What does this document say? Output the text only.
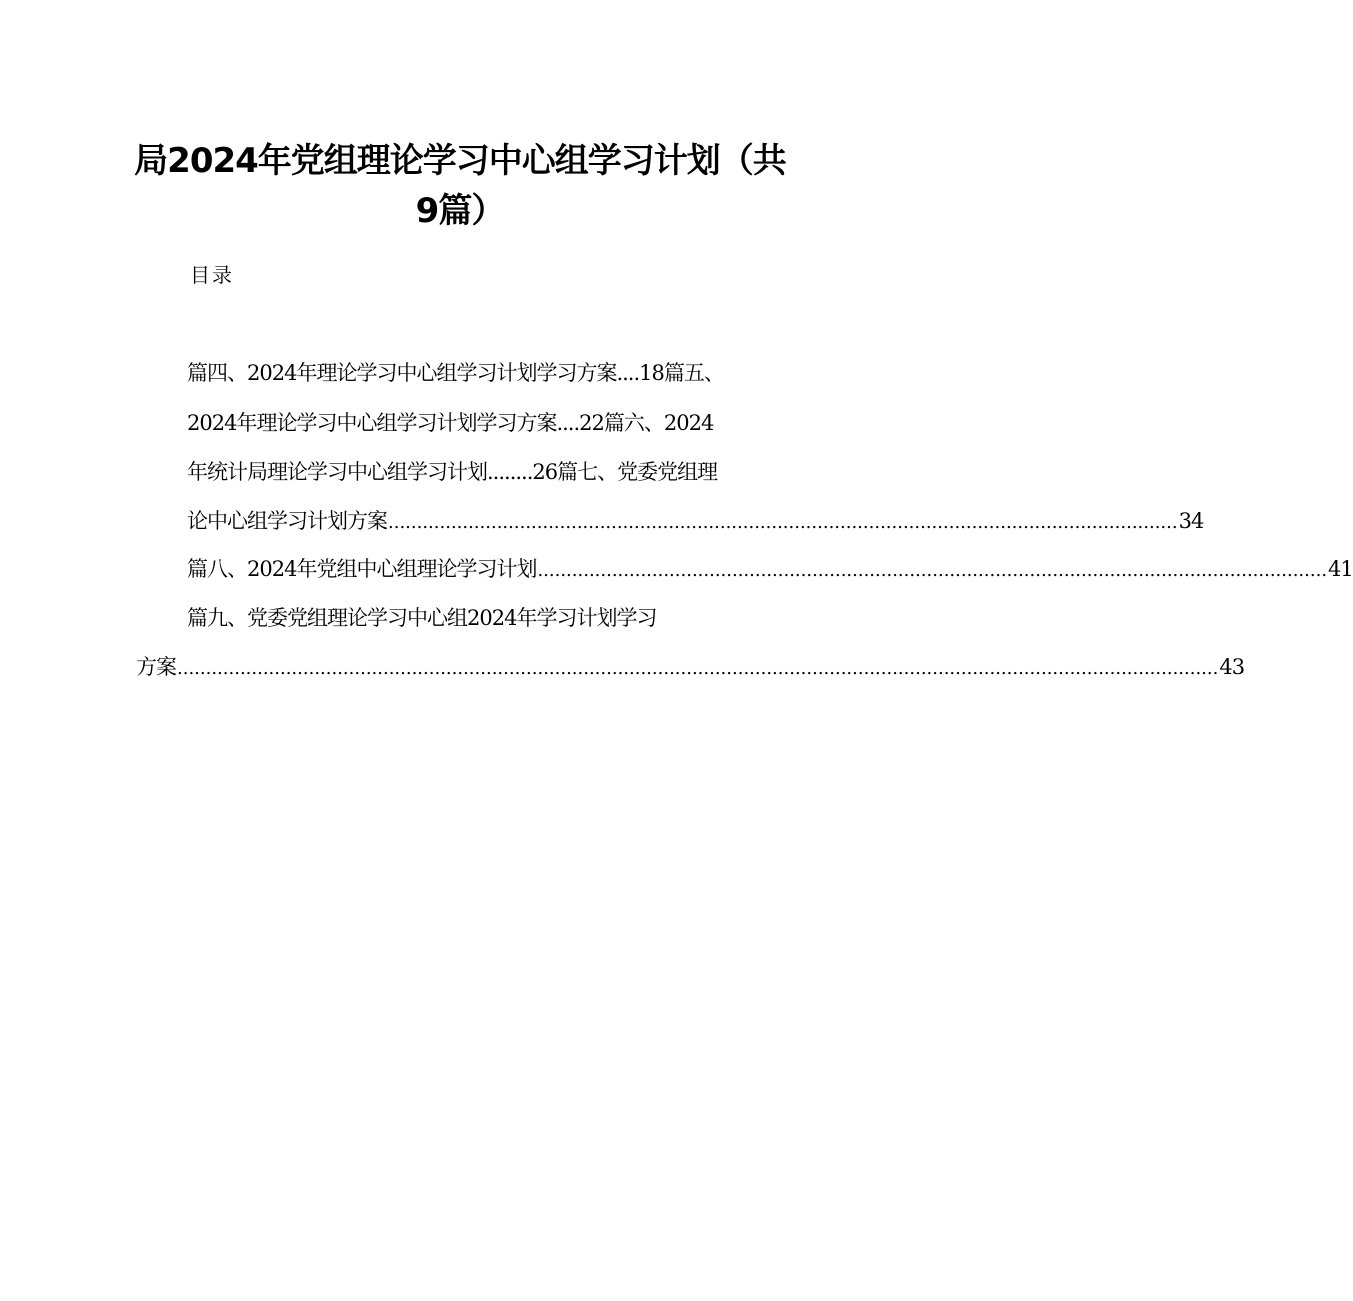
局2024年党组理论学习中心组学习计划（共
9篇）
目录
篇四、2024年理论学习中心组学习计划学习方案....18篇五、
2024年理论学习中心组学习计划学习方案....22篇六、2024
年统计局理论学习中心组学习计划........26篇七、党委党组理
论中心组学习计划方案 .......................................................................................................................................... 34
篇八、2024年党组中心组理论学习计划 .......................................................................................................................................... 41
篇九、党委党组理论学习中心组2024年学习计划学习
方案 ...................................................................................................................................................................................... 43
